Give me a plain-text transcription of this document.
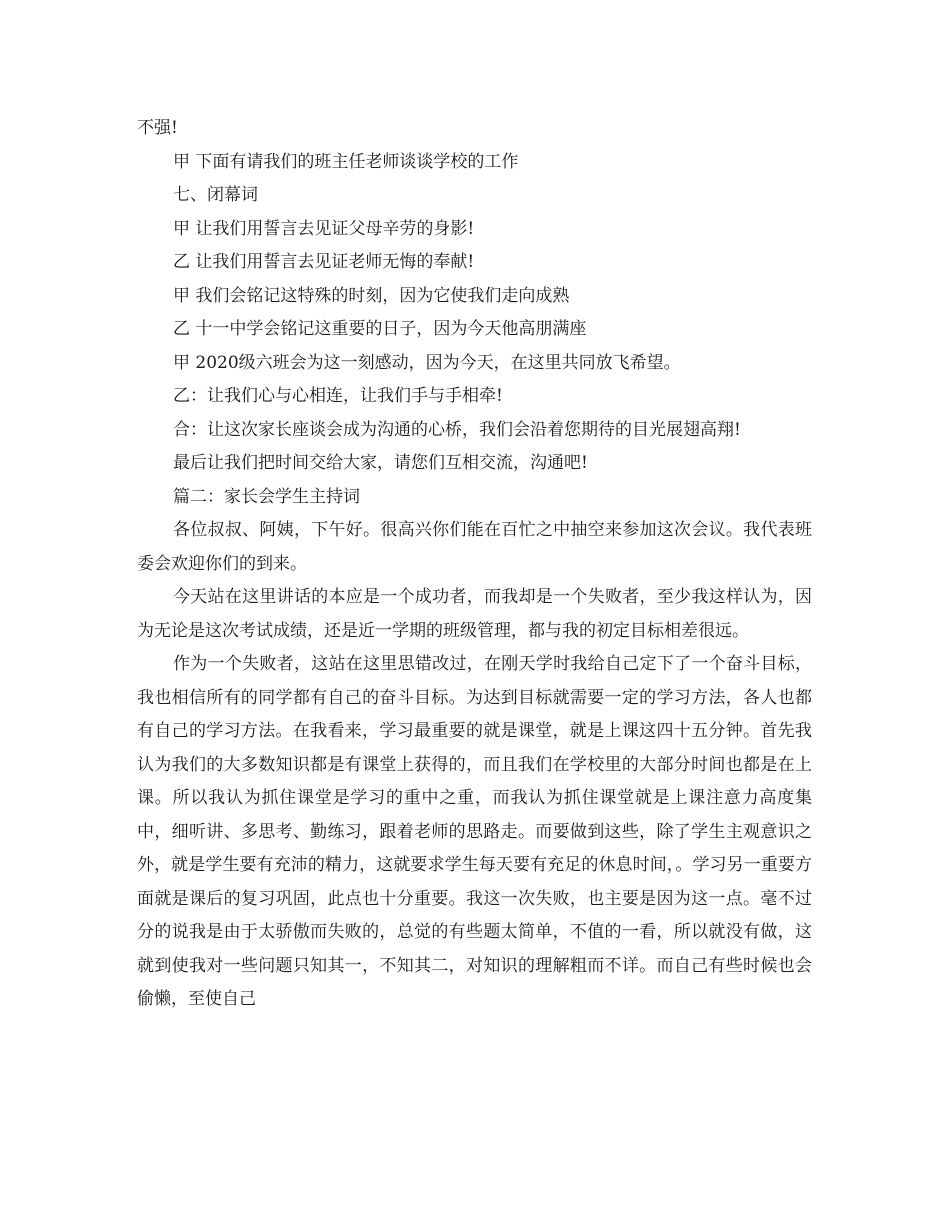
不强!
甲 下面有请我们的班主任老师谈谈学校的工作
七、闭幕词
甲 让我们用誓言去见证父母辛劳的身影!
乙 让我们用誓言去见证老师无悔的奉献!
甲 我们会铭记这特殊的时刻，因为它使我们走向成熟
乙 十一中学会铭记这重要的日子，因为今天他高朋满座
甲 2020级六班会为这一刻感动，因为今天，在这里共同放飞希望。
乙：让我们心与心相连，让我们手与手相牵!
合：让这次家长座谈会成为沟通的心桥，我们会沿着您期待的目光展翅高翔!
最后让我们把时间交给大家，请您们互相交流，沟通吧!
篇二：家长会学生主持词

各位叔叔、阿姨，下午好。很高兴你们能在百忙之中抽空来参加这次会议。我代表班委会欢迎你们的到来。

今天站在这里讲话的本应是一个成功者，而我却是一个失败者，至少我这样认为，因为无论是这次考试成绩，还是近一学期的班级管理，都与我的初定目标相差很远。

作为一个失败者，这站在这里思错改过，在刚天学时我给自己定下了一个奋斗目标，我也相信所有的同学都有自己的奋斗目标。为达到目标就需要一定的学习方法，各人也都有自己的学习方法。在我看来，学习最重要的就是课堂，就是上课这四十五分钟。首先我认为我们的大多数知识都是有课堂上获得的，而且我们在学校里的大部分时间也都是在上课。所以我认为抓住课堂是学习的重中之重，而我认为抓住课堂就是上课注意力高度集中，细听讲、多思考、勤练习，跟着老师的思路走。而要做到这些，除了学生主观意识之外，就是学生要有充沛的精力，这就要求学生每天要有充足的休息时间，。学习另一重要方面就是课后的复习巩固，此点也十分重要。我这一次失败，也主要是因为这一点。毫不过分的说我是由于太骄傲而失败的，总觉的有些题太简单，不值的一看，所以就没有做，这就到使我对一些问题只知其一，不知其二，对知识的理解粗而不详。而自己有些时候也会偷懒，至使自己
